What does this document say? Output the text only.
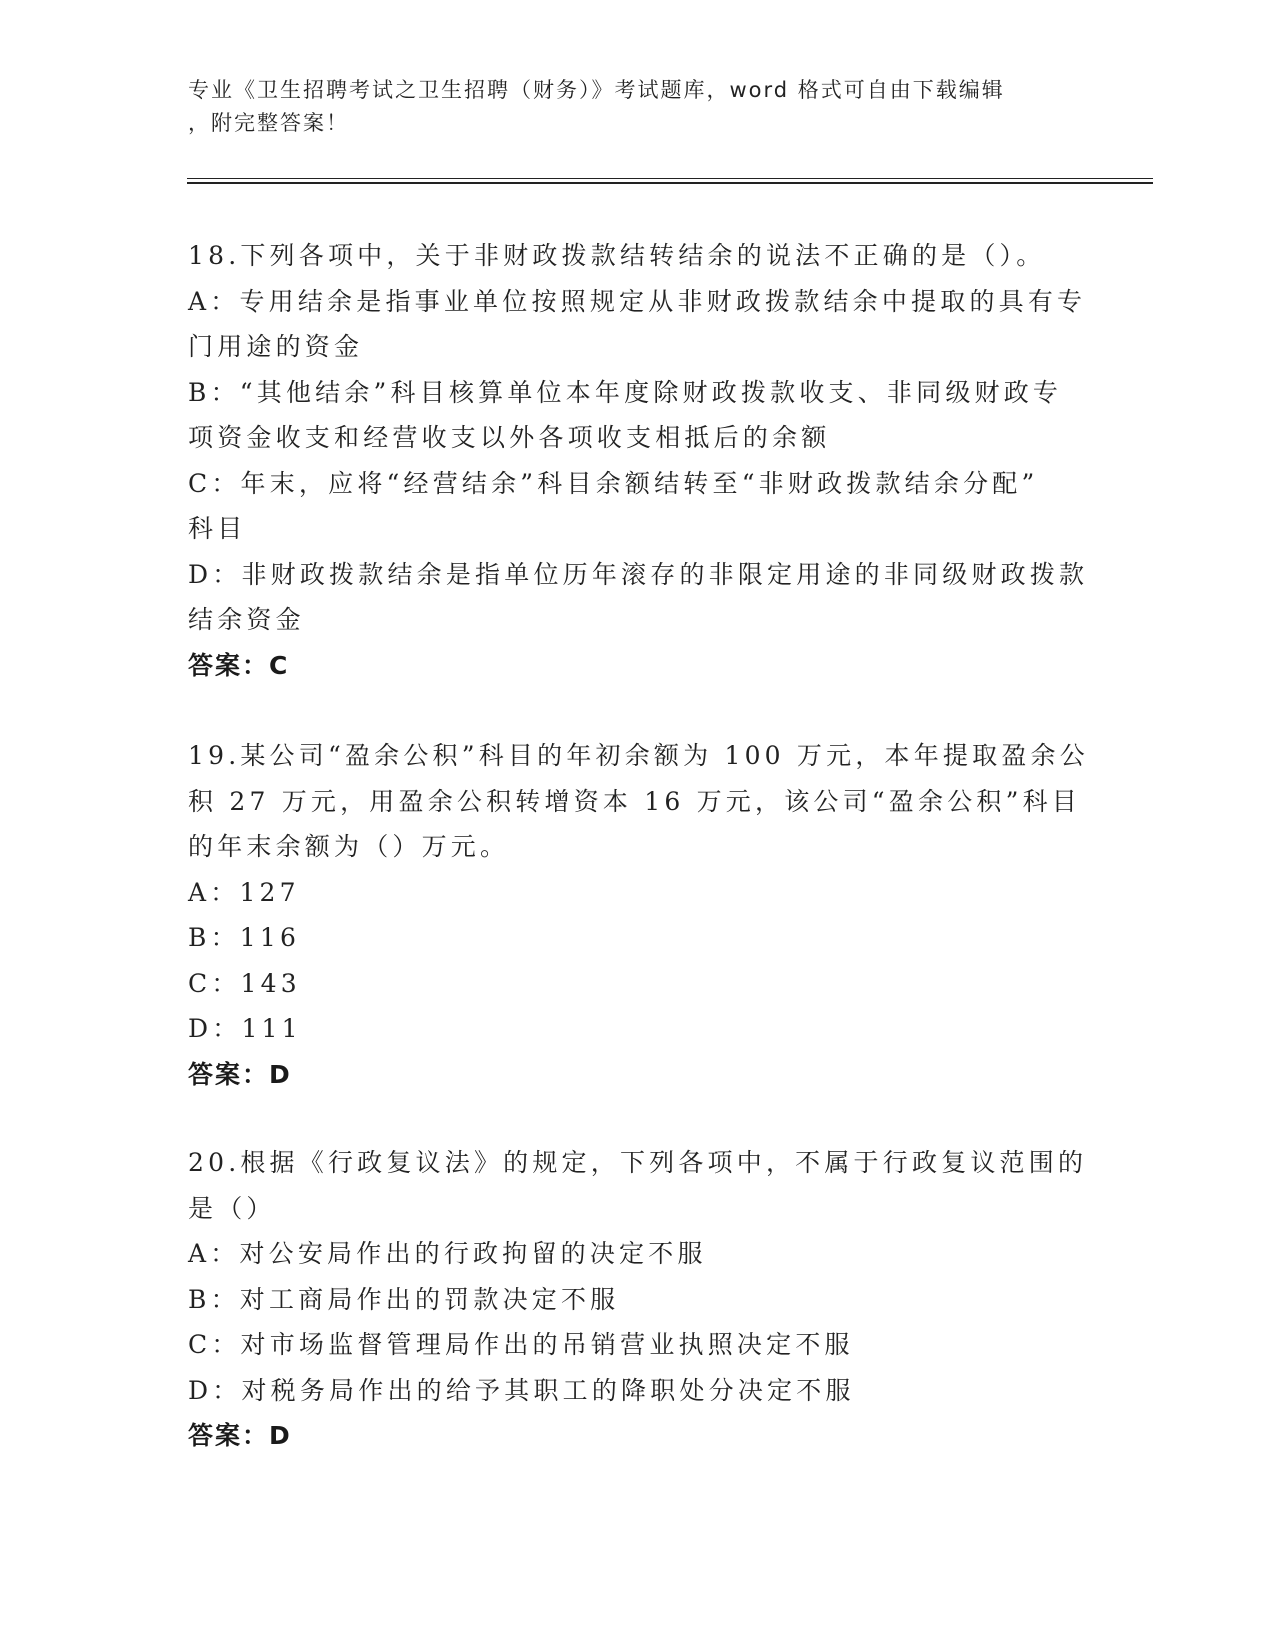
专业《卫生招聘考试之卫生招聘（财务）》考试题库，word 格式可自由下载编辑
，附完整答案！
18.下列各项中，关于非财政拨款结转结余的说法不正确的是（）。
A：专用结余是指事业单位按照规定从非财政拨款结余中提取的具有专
门用途的资金
B：“其他结余”科目核算单位本年度除财政拨款收支、非同级财政专
项资金收支和经营收支以外各项收支相抵后的余额
C：年末，应将“经营结余”科目余额结转至“非财政拨款结余分配”
科目
D：非财政拨款结余是指单位历年滚存的非限定用途的非同级财政拨款
结余资金
答案：C
19.某公司“盈余公积”科目的年初余额为 100 万元，本年提取盈余公
积 27 万元，用盈余公积转增资本 16 万元，该公司“盈余公积”科目
的年末余额为（）万元。
A：127
B：116
C：143
D：111
答案：D
20.根据《行政复议法》的规定，下列各项中，不属于行政复议范围的
是（）
A：对公安局作出的行政拘留的决定不服
B：对工商局作出的罚款决定不服
C：对市场监督管理局作出的吊销营业执照决定不服
D：对税务局作出的给予其职工的降职处分决定不服
答案：D
